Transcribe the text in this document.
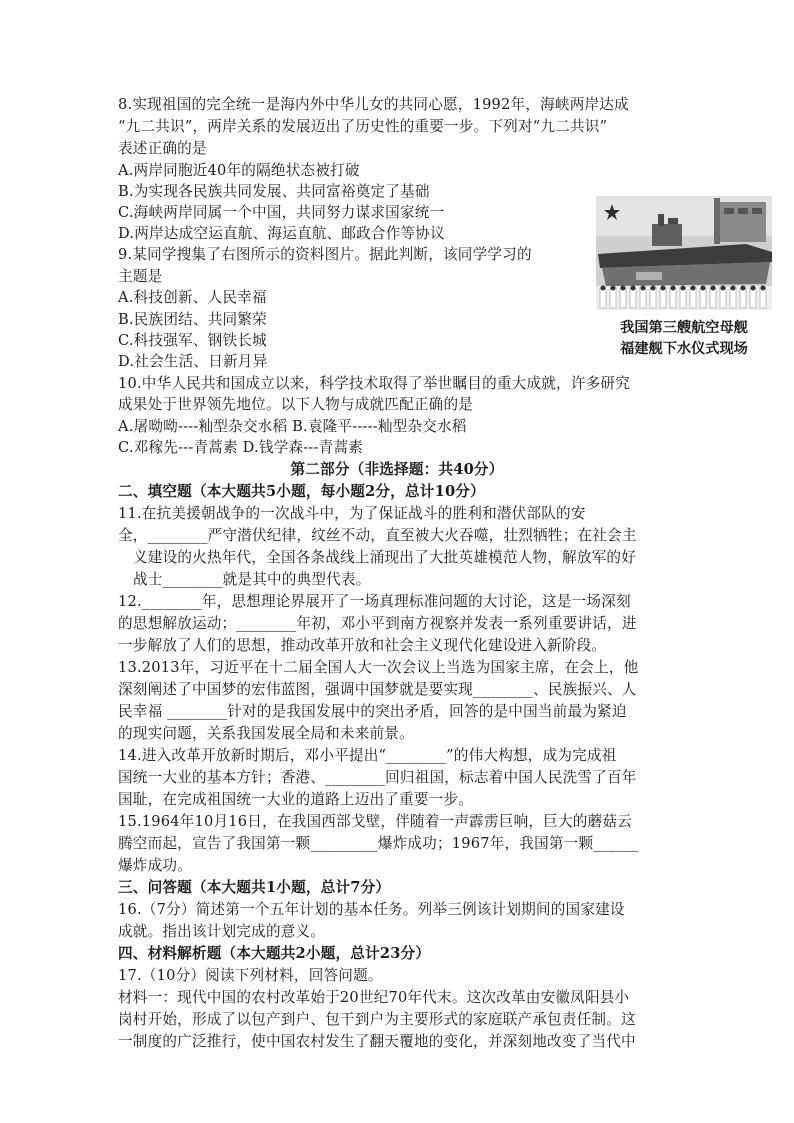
8.实现祖国的完全统一是海内外中华儿女的共同心愿，1992年，海峡两岸达成
“九二共识”，两岸关系的发展迈出了历史性的重要一步。下列对“九二共识”
表述正确的是
A.两岸同胞近40年的隔绝状态被打破
B.为实现各民族共同发展、共同富裕奠定了基础
C.海峡两岸同属一个中国，共同努力谋求国家统一
D.两岸达成空运直航、海运直航、邮政合作等协议
9.某同学搜集了右图所示的资料图片。据此判断，该同学学习的
主题是
A.科技创新、人民幸福
B.民族团结、共同繁荣
C.科技强军、钢铁长城
D.社会生活、日新月异
10.中华人民共和国成立以来，科学技术取得了举世瞩目的重大成就，许多研究
成果处于世界领先地位。以下人物与成就匹配正确的是
A.屠呦呦----籼型杂交水稻 B.袁隆平-----籼型杂交水稻
C.邓稼先---青蒿素 D.钱学森---青蒿素
第二部分（非选择题：共40分）
二、填空题（本大题共5小题，每小题2分，总计10分）
11.在抗美援朝战争的一次战斗中，为了保证战斗的胜利和潜伏部队的安
全，________严守潜伏纪律，纹丝不动，直至被大火吞噬，壮烈牺牲；在社会主
义建设的火热年代，全国各条战线上涌现出了大批英雄模范人物，解放军的好
战士________就是其中的典型代表。
12.________年，思想理论界展开了一场真理标准问题的大讨论，这是一场深刻
的思想解放运动；________年初，邓小平到南方视察并发表一系列重要讲话，进
一步解放了人们的思想，推动改革开放和社会主义现代化建设进入新阶段。
13.2013年，习近平在十二届全国人大一次会议上当选为国家主席，在会上，他
深刻阐述了中国梦的宏伟蓝图，强调中国梦就是要实现________、民族振兴、人
民幸福 ________针对的是我国发展中的突出矛盾，回答的是中国当前最为紧迫
的现实问题，关系我国发展全局和未来前景。
14.进入改革开放新时期后，邓小平提出“________”的伟大构想，成为完成祖
国统一大业的基本方针；香港、________回归祖国，标志着中国人民洗雪了百年
国耻，在完成祖国统一大业的道路上迈出了重要一步。
15.1964年10月16日，在我国西部戈壁，伴随着一声霹雳巨响，巨大的蘑菇云
腾空而起，宣告了我国第一颗_________爆炸成功；1967年，我国第一颗______
爆炸成功。
三、问答题（本大题共1小题，总计7分）
16.（7分）简述第一个五年计划的基本任务。列举三例该计划期间的国家建设
成就。指出该计划完成的意义。
四、材料解析题（本大题共2小题，总计23分）
17.（10分）阅读下列材料，回答问题。
材料一：现代中国的农村改革始于20世纪70年代末。这次改革由安徽凤阳县小
岗村开始，形成了以包产到户、包干到户为主要形式的家庭联产承包责任制。这
一制度的广泛推行，使中国农村发生了翻天覆地的变化，并深刻地改变了当代中
我国第三艘航空母舰
福建舰下水仪式现场
